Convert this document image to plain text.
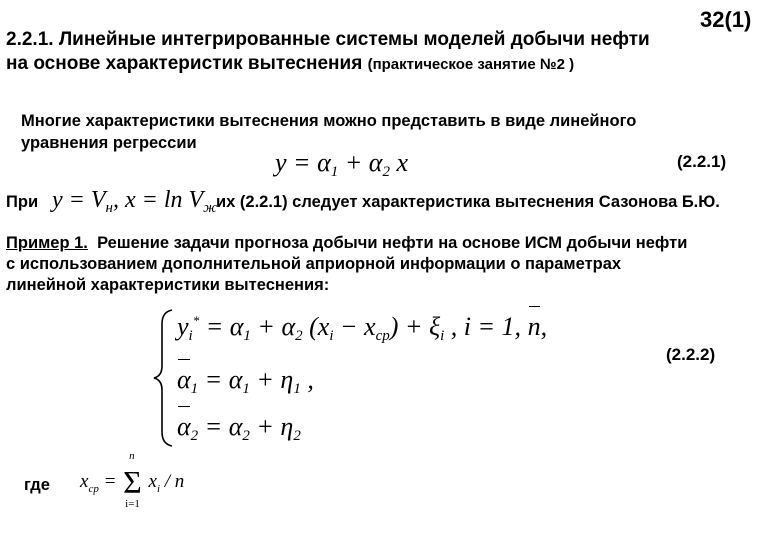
32(1)
2.2.1. Линейные интегрированные системы моделей добычи нефти
на основе характеристик вытеснения (практическое занятие №2 )
Многие характеристики вытеснения можно представить в виде линейного
уравнения регрессии
$y = \alpha_1 + \alpha_2$ x	(2.2.1)
При $y = V_н$, $x = \ln V_ж$
их (2.2.1) следует характеристика вытеснения Сазонова Б.Ю.
Пример 1. Решение задачи прогноза добычи нефти на основе ИСМ добычи нефти
с использованием дополнительной априорной информации о параметрах
линейной характеристики вытеснения:
$y_i^* = \alpha_1 + \alpha_2$ $(x_i - x_{ср}) + \xi_i$ , i = 1, n,
(2.2.2)
$\alpha_1 = \alpha_1 + \eta_1$ ,
$\alpha_2 = \alpha_2 + \eta_2$
где $x_{ср} = \Sigma$
n
i=1
$x_i$ / n
